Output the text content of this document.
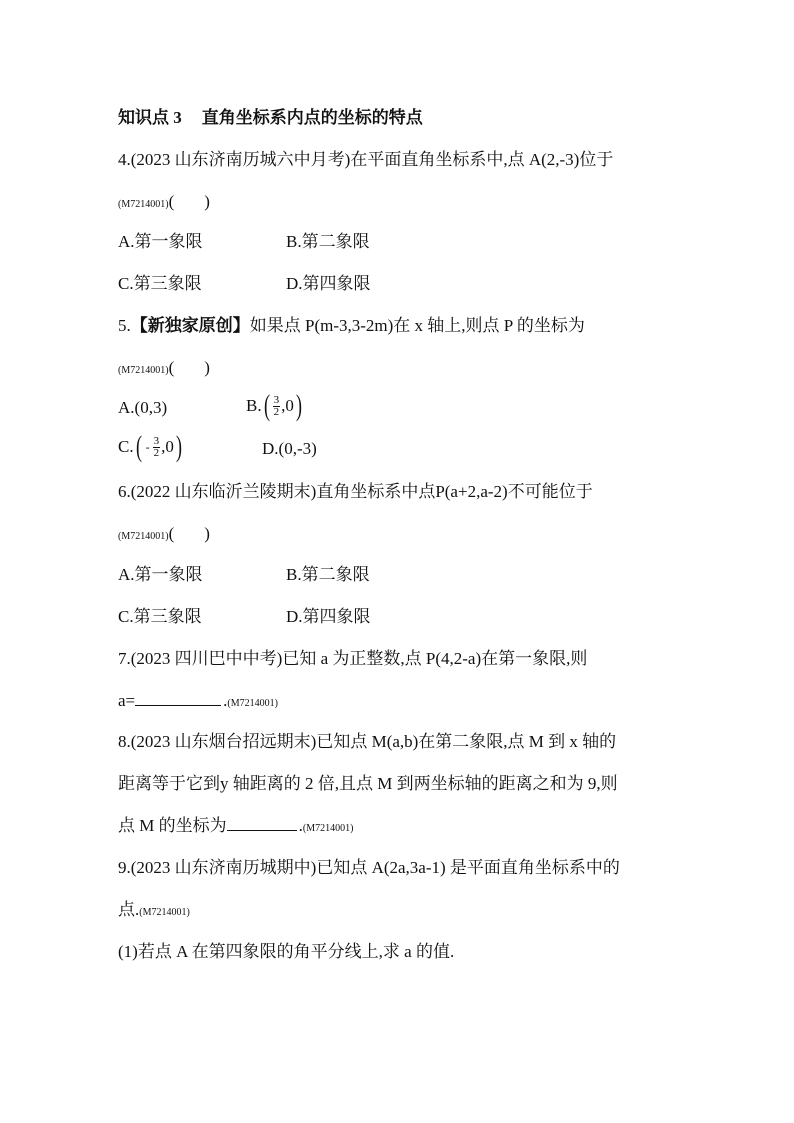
知识点 3 直角坐标系内点的坐标的特点
4.(2023 山东济南历城六中月考)在平面直角坐标系中,点 A(2,-3)位于
(M7214001)( )
A.第一象限	B.第二象限
C.第三象限	D.第四象限
5.【新独家原创】如果点 P(m-3,3-2m)在 x 轴上,则点 P 的坐标为
(M7214001)( )
A.(0,3)	B. ( $\frac{3}{2} ,0$ )
C. ( - $\frac{3}{2} ,0$ )	D.(0,-3)
6.(2022 山东临沂兰陵期末)直角坐标系中点P(a+2,a-2)不可能位于
(M7214001)( )
A.第一象限	B.第二象限
C.第三象限	D.第四象限
7.(2023 四川巴中中考)已知 a 为正整数,点 P(4,2-a)在第一象限,则
a=	.(M7214001)
8.(2023 山东烟台招远期末)已知点 M(a,b)在第二象限,点 M 到 x 轴的
距离等于它到y 轴距离的 2 倍,且点 M 到两坐标轴的距离之和为 9,则
点 M 的坐标为	.(M7214001)
9.(2023 山东济南历城期中)已知点 A(2a,3a-1) 是平面直角坐标系中的
点.(M7214001)
(1)若点 A 在第四象限的角平分线上,求 a 的值.
